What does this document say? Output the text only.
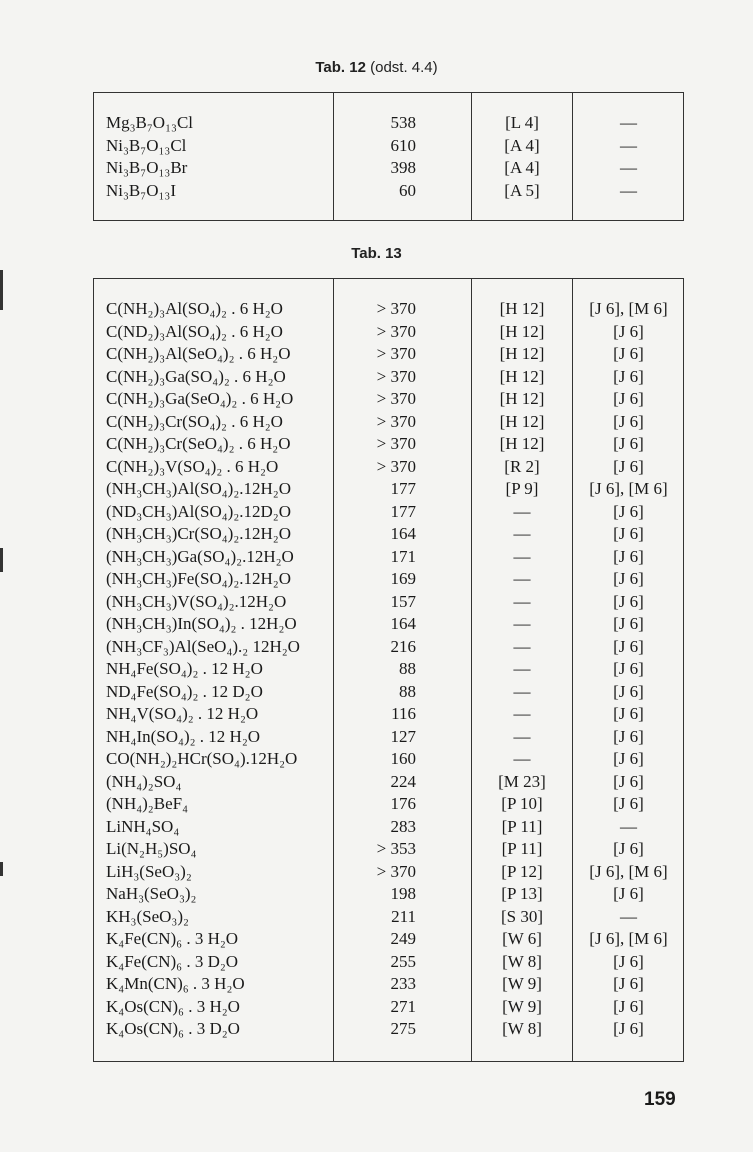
Tab. 12 (odst. 4.4)
Mg₃B₇O₁₃Cl	538	[L 4]	—
Ni₃B₇O₁₃Cl	610	[A 4]	—
Ni₃B₇O₁₃Br	398	[A 4]	—
Ni₃B₇O₁₃I	60	[A 5]	—
Tab. 13
C(NH₂)₃Al(SO₄)₂ . 6 H₂O	> 370	[H 12]	[J 6], [M 6]
C(ND₂)₃Al(SO₄)₂ . 6 H₂O	> 370	[H 12]	[J 6]
C(NH₂)₃Al(SeO₄)₂ . 6 H₂O	> 370	[H 12]	[J 6]
C(NH₂)₃Ga(SO₄)₂ . 6 H₂O	> 370	[H 12]	[J 6]
C(NH₂)₃Ga(SeO₄)₂ . 6 H₂O	> 370	[H 12]	[J 6]
C(NH₂)₃Cr(SO₄)₂ . 6 H₂O	> 370	[H 12]	[J 6]
C(NH₂)₃Cr(SeO₄)₂ . 6 H₂O	> 370	[H 12]	[J 6]
C(NH₂)₃V(SO₄)₂ . 6 H₂O	> 370	[R 2]	[J 6]
(NH₃CH₃)Al(SO₄)₂.12H₂O	177	[P 9]	[J 6], [M 6]
(ND₃CH₃)Al(SO₄)₂.12D₂O	177	—	[J 6]
(NH₃CH₃)Cr(SO₄)₂.12H₂O	164	—	[J 6]
(NH₃CH₃)Ga(SO₄)₂.12H₂O	171	—	[J 6]
(NH₃CH₃)Fe(SO₄)₂.12H₂O	169	—	[J 6]
(NH₃CH₃)V(SO₄)₂.12H₂O	157	—	[J 6]
(NH₃CH₃)In(SO₄)₂ . 12H₂O	164	—	[J 6]
(NH₃CF₃)Al(SeO₄).₂ 12H₂O	216	—	[J 6]
NH₄Fe(SO₄)₂ . 12 H₂O	88	—	[J 6]
ND₄Fe(SO₄)₂ . 12 D₂O	88	—	[J 6]
NH₄V(SO₄)₂ . 12 H₂O	116	—	[J 6]
NH₄In(SO₄)₂ . 12 H₂O	127	—	[J 6]
CO(NH₂)₂HCr(SO₄).12H₂O	160	—	[J 6]
(NH₄)₂SO₄	224	[M 23]	[J 6]
(NH₄)₂BeF₄	176	[P 10]	[J 6]
LiNH₄SO₄	283	[P 11]	—
Li(N₂H₅)SO₄	> 353	[P 11]	[J 6]
LiH₃(SeO₃)₂	> 370	[P 12]	[J 6], [M 6]
NaH₃(SeO₃)₂	198	[P 13]	[J 6]
KH₃(SeO₃)₂	211	[S 30]	—
K₄Fe(CN)₆ . 3 H₂O	249	[W 6]	[J 6], [M 6]
K₄Fe(CN)₆ . 3 D₂O	255	[W 8]	[J 6]
K₄Mn(CN)₆ . 3 H₂O	233	[W 9]	[J 6]
K₄Os(CN)₆ . 3 H₂O	271	[W 9]	[J 6]
K₄Os(CN)₆ . 3 D₂O	275	[W 8]	[J 6]
159
